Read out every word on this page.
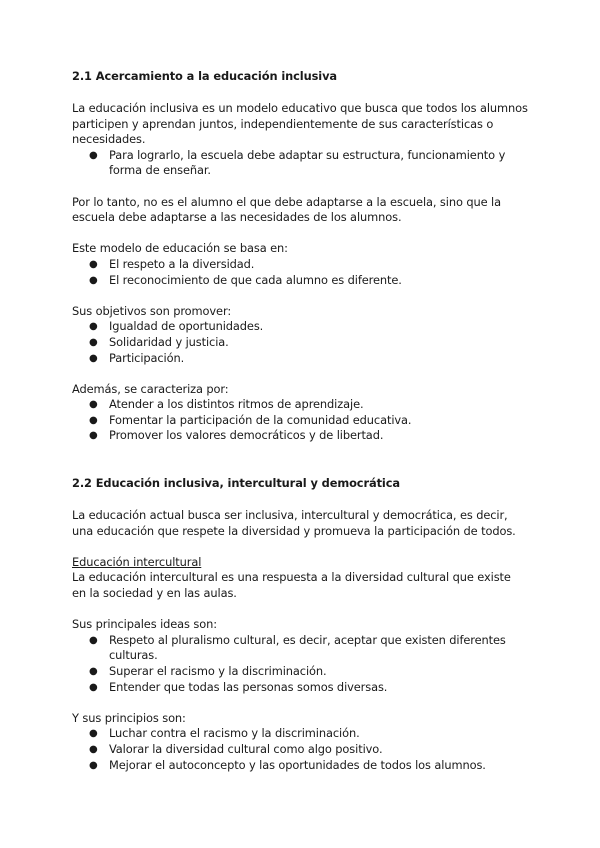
2.1 Acercamiento a la educación inclusiva

La educación inclusiva es un modelo educativo que busca que todos los alumnos participen y aprendan juntos, independientemente de sus características o necesidades.

● Para lograrlo, la escuela debe adaptar su estructura, funcionamiento y forma de enseñar.

Por lo tanto, no es el alumno el que debe adaptarse a la escuela, sino que la escuela debe adaptarse a las necesidades de los alumnos.

Este modelo de educación se basa en:

● El respeto a la diversidad.
● El reconocimiento de que cada alumno es diferente.

Sus objetivos son promover:

● Igualdad de oportunidades.
● Solidaridad y justicia.
● Participación.

Además, se caracteriza por:

● Atender a los distintos ritmos de aprendizaje.
● Fomentar la participación de la comunidad educativa.
● Promover los valores democráticos y de libertad.

2.2 Educación inclusiva, intercultural y democrática

La educación actual busca ser inclusiva, intercultural y democrática, es decir, una educación que respete la diversidad y promueva la participación de todos.

Educación intercultural

La educación intercultural es una respuesta a la diversidad cultural que existe en la sociedad y en las aulas.

Sus principales ideas son:

● Respeto al pluralismo cultural, es decir, aceptar que existen diferentes culturas.
● Superar el racismo y la discriminación.
● Entender que todas las personas somos diversas.

Y sus principios son:

● Luchar contra el racismo y la discriminación.
● Valorar la diversidad cultural como algo positivo.
● Mejorar el autoconcepto y las oportunidades de todos los alumnos.
